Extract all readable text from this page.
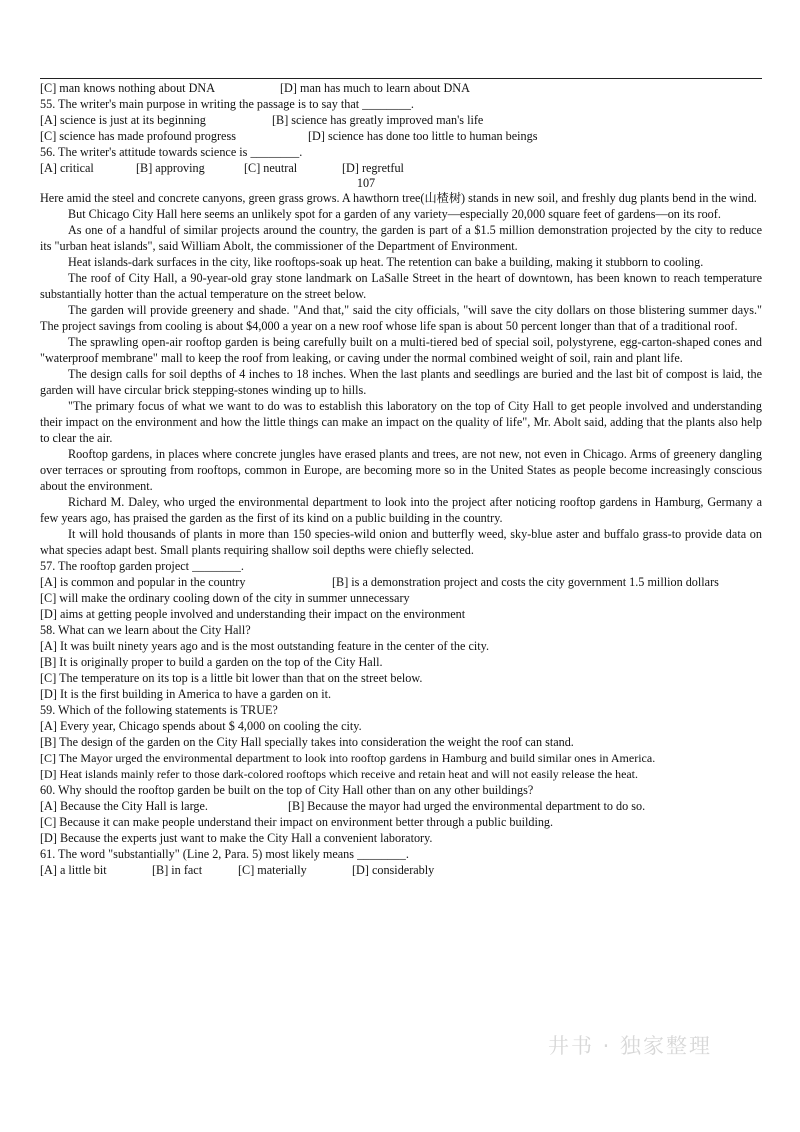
[C] man knows nothing about DNA	[D] man has much to learn about DNA
55. The writer's main purpose in writing the passage is to say that ________.
[A] science is just at its beginning	[B] science has greatly improved man's life
[C] science has made profound progress	[D] science has done too little to human beings
56. The writer's attitude towards science is ________.
[A] critical	[B] approving	[C] neutral	[D] regretful
107

Here amid the steel and concrete canyons, green grass grows. A hawthorn tree(山楂树) stands in new soil, and freshly dug plants bend in the wind.

But Chicago City Hall here seems an unlikely spot for a garden of any variety—especially 20,000 square feet of gardens—on its roof.

As one of a handful of similar projects around the country, the garden is part of a $1.5 million demonstration projected by the city to reduce its "urban heat islands", said William Abolt, the commissioner of the Department of Environment.

Heat islands-dark surfaces in the city, like rooftops-soak up heat. The retention can bake a building, making it stubborn to cooling.

The roof of City Hall, a 90-year-old gray stone landmark on LaSalle Street in the heart of downtown, has been known to reach temperature substantially hotter than the actual temperature on the street below.

The garden will provide greenery and shade. "And that," said the city officials, "will save the city dollars on those blistering summer days." The project savings from cooling is about $4,000 a year on a new roof whose life span is about 50 percent longer than that of a traditional roof.

The sprawling open-air rooftop garden is being carefully built on a multi-tiered bed of special soil, polystyrene, egg-carton-shaped cones and "waterproof membrane" mall to keep the roof from leaking, or caving under the normal combined weight of soil, rain and plant life.

The design calls for soil depths of 4 inches to 18 inches. When the last plants and seedlings are buried and the last bit of compost is laid, the garden will have circular brick stepping-stones winding up to hills.

"The primary focus of what we want to do was to establish this laboratory on the top of City Hall to get people involved and understanding their impact on the environment and how the little things can make an impact on the quality of life", Mr. Abolt said, adding that the plants also help to clear the air.

Rooftop gardens, in places where concrete jungles have erased plants and trees, are not new, not even in Chicago. Arms of greenery dangling over terraces or sprouting from rooftops, common in Europe, are becoming more so in the United States as people become increasingly conscious about the environment.

Richard M. Daley, who urged the environmental department to look into the project after noticing rooftop gardens in Hamburg, Germany a few years ago, has praised the garden as the first of its kind on a public building in the country.

It will hold thousands of plants in more than 150 species-wild onion and butterfly weed, sky-blue aster and buffalo grass-to provide data on what species adapt best. Small plants requiring shallow soil depths were chiefly selected.

57. The rooftop garden project ________.
[A] is common and popular in the country	[B] is a demonstration project and costs the city government 1.5 million dollars
[C] will make the ordinary cooling down of the city in summer unnecessary
[D] aims at getting people involved and understanding their impact on the environment
58. What can we learn about the City Hall?
[A] It was built ninety years ago and is the most outstanding feature in the center of the city.
[B] It is originally proper to build a garden on the top of the City Hall.
[C] The temperature on its top is a little bit lower than that on the street below.
[D] It is the first building in America to have a garden on it.
59. Which of the following statements is TRUE?
[A] Every year, Chicago spends about $ 4,000 on cooling the city.
[B] The design of the garden on the City Hall specially takes into consideration the weight the roof can stand.
[C] The Mayor urged the environmental department to look into rooftop gardens in Hamburg and build similar ones in America.
[D] Heat islands mainly refer to those dark-colored rooftops which receive and retain heat and will not easily release the heat.
60. Why should the rooftop garden be built on the top of City Hall other than on any other buildings?
[A] Because the City Hall is large.	[B] Because the mayor had urged the environmental department to do so.
[C] Because it can make people understand their impact on environment better through a public building.
[D] Because the experts just want to make the City Hall a convenient laboratory.
61. The word "substantially" (Line 2, Para. 5) most likely means ________.
[A] a little bit	[B] in fact	[C] materially	[D] considerably
井书 · 独家整理
